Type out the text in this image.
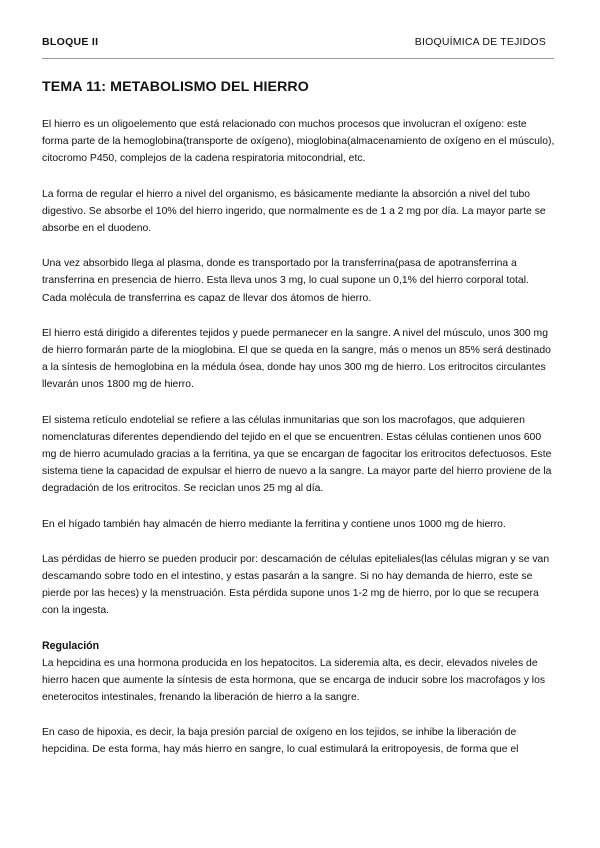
BLOQUE II	BIOQUÍMICA DE TEJIDOS
TEMA 11: METABOLISMO DEL HIERRO

El hierro es un oligoelemento que está relacionado con muchos procesos que involucran el oxígeno: este forma parte de la hemoglobina(transporte de oxígeno), mioglobina(almacenamiento de oxígeno en el músculo), citocromo P450, complejos de la cadena respiratoria mitocondrial, etc.

La forma de regular el hierro a nivel del organismo, es básicamente mediante la absorción a nivel del tubo digestivo. Se absorbe el 10% del hierro ingerido, que normalmente es de 1 a 2 mg por día. La mayor parte se absorbe en el duodeno.

Una vez absorbido llega al plasma, donde es transportado por la transferrina(pasa de apotransferrina a transferrina en presencia de hierro. Esta lleva unos 3 mg, lo cual supone un 0,1% del hierro corporal total. Cada molécula de transferrina es capaz de llevar dos átomos de hierro.

El hierro está dirigido a diferentes tejidos y puede permanecer en la sangre. A nivel del músculo, unos 300 mg de hierro formarán parte de la mioglobina. El que se queda en la sangre, más o menos un 85% será destinado a la síntesis de hemoglobina en la médula ósea, donde hay unos 300 mg de hierro. Los eritrocitos circulantes llevarán unos 1800 mg de hierro.

El sistema retículo endotelial se refiere a las células inmunitarias que son los macrofagos, que adquieren nomenclaturas diferentes dependiendo del tejido en el que se encuentren. Estas células contienen unos 600 mg de hierro acumulado gracias a la ferritina, ya que se encargan de fagocitar los eritrocitos defectuosos. Este sistema tiene la capacidad de expulsar el hierro de nuevo a la sangre. La mayor parte del hierro proviene de la degradación de los eritrocitos. Se reciclan unos 25 mg al día.

En el hígado también hay almacén de hierro mediante la ferritina y contiene unos 1000 mg de hierro.

Las pérdidas de hierro se pueden producir por: descamación de células epiteliales(las células migran y se van descamando sobre todo en el intestino, y estas pasarán a la sangre. Si no hay demanda de hierro, este se pierde por las heces) y la menstruación. Esta pérdida supone unos 1-2 mg de hierro, por lo que se recupera con la ingesta.

Regulación

La hepcidina es una hormona producida en los hepatocitos. La sideremia alta, es decir, elevados niveles de hierro hacen que aumente la síntesis de esta hormona, que se encarga de inducir sobre los macrofagos y los eneterocitos intestinales, frenando la liberación de hierro a la sangre.

En caso de hipoxia, es decir, la baja presión parcial de oxígeno en los tejidos, se inhibe la liberación de hepcidina. De esta forma, hay más hierro en sangre, lo cual estimulará la eritropoyesis, de forma que el
